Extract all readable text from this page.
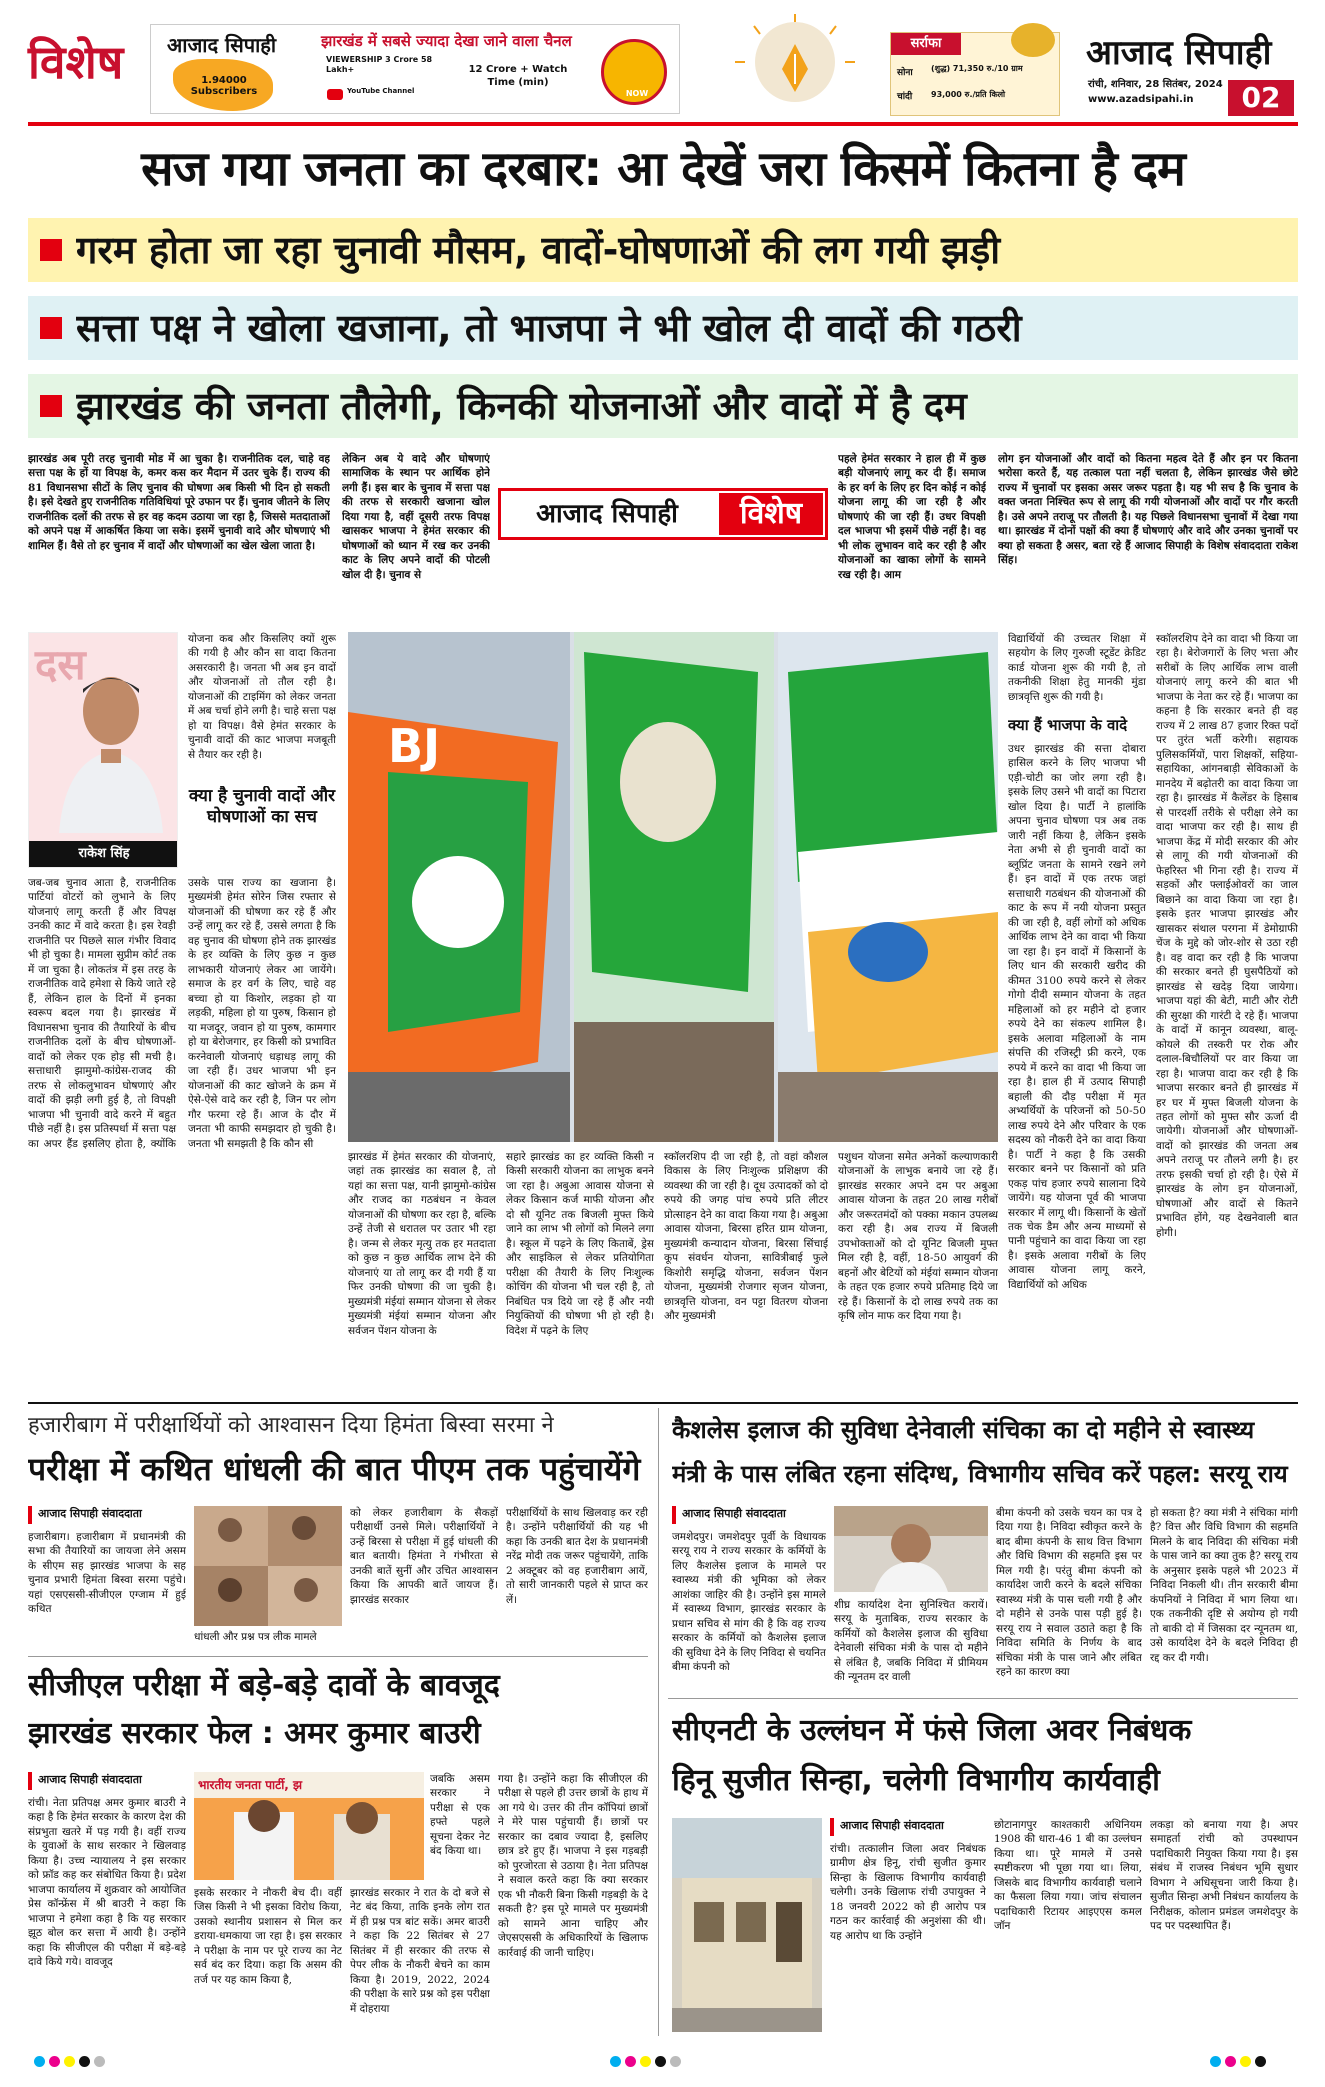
विशेष	आजाद सिपाही
1.94000 Subscribers
झारखंड में सबसे ज्यादा देखा जाने वाला चैनल
VIEWERSHIP 3 Crore 58 Lakh+	12 Crore + Watch Time (min)
YouTube Channel	NOW
सर्राफा
सोना (शुद्ध) 71,350 रु./10 ग्राम
चांदी 93,000 रु./प्रति किलो
आजाद सिपाही
रांची, शनिवार, 28 सितंबर, 2024
www.azadsipahi.in	02
सज गया जनता का दरबार: आ देखें जरा किसमें कितना है दम
गरम होता जा रहा चुनावी मौसम, वादों-घोषणाओं की लग गयी झड़ी
सत्ता पक्ष ने खोला खजाना, तो भाजपा ने भी खोल दी वादों की गठरी
झारखंड की जनता तौलेगी, किनकी योजनाओं और वादों में है दम
झारखंड अब पूरी तरह चुनावी मोड में आ चुका है। राजनीतिक दल, चाहे वह सत्ता पक्ष के हों या विपक्ष के, कमर कस कर मैदान में उतर चुके हैं। राज्य की 81 विधानसभा सीटों के लिए चुनाव की घोषणा अब किसी भी दिन हो सकती है। इसे देखते हुए राजनीतिक गतिविधियां पूरे उफान पर हैं। चुनाव जीतने के लिए राजनीतिक दलों की तरफ से हर वह कदम उठाया जा रहा है, जिससे मतदाताओं को अपने पक्ष में आकर्षित किया जा सके। इसमें चुनावी वादे और घोषणाएं भी शामिल हैं। वैसे तो हर चुनाव में वादों और घोषणाओं का खेल खेला जाता है।
लेकिन अब ये वादे और घोषणाएं सामाजिक के स्थान पर आर्थिक होने लगी हैं। इस बार के चुनाव में सत्ता पक्ष की तरफ से सरकारी खजाना खोल दिया गया है, वहीं दूसरी तरफ विपक्ष खासकर भाजपा ने हेमंत सरकार की घोषणाओं को ध्यान में रख कर उनकी काट के लिए अपने वादों की पोटली खोल दी है। चुनाव से
आजाद सिपाही	विशेष
पहले हेमंत सरकार ने हाल ही में कुछ बड़ी योजनाएं लागू कर दी हैं। समाज के हर वर्ग के लिए हर दिन कोई न कोई योजना लागू की जा रही है और घोषणाएं की जा रही हैं। उधर विपक्षी दल भाजपा भी इसमें पीछे नहीं है। वह भी लोक लुभावन वादे कर रही है और योजनाओं का खाका लोगों के सामने रख रही है। आम
लोग इन योजनाओं और वादों को कितना महत्व देते हैं और इन पर कितना भरोसा करते हैं, यह तत्काल पता नहीं चलता है, लेकिन झारखंड जैसे छोटे राज्य में चुनावों पर इसका असर जरूर पड़ता है। यह भी सच है कि चुनाव के वक्त जनता निश्चित रूप से लागू की गयी योजनाओं और वादों पर गौर करती है। उसे अपने तराजू पर तौलती है। यह पिछले विधानसभा चुनावों में देखा गया था। झारखंड में दोनों पक्षों की क्या हैं घोषणाएं और वादे और उनका चुनावों पर क्या हो सकता है असर, बता रहे हैं आजाद सिपाही के विशेष संवाददाता राकेश सिंह।
दस
राकेश सिंह
योजना कब और किसलिए क्यों शुरू की गयी है और कौन सा वादा कितना असरकारी है। जनता भी अब इन वादों और योजनाओं तो तौल रही है। योजनाओं की टाइमिंग को लेकर जनता में अब चर्चा होने लगी है। चाहे सत्ता पक्ष हो या विपक्ष। वैसे हेमंत सरकार के चुनावी वादों की काट भाजपा मजबूती से तैयार कर रही है।
क्या है चुनावी वादों और घोषणाओं का सच
जब-जब चुनाव आता है, राजनीतिक पार्टियां वोटरों को लुभाने के लिए योजनाएं लागू करती हैं और विपक्ष उनकी काट में वादे करता है। इस रेवड़ी राजनीति पर पिछले साल गंभीर विवाद भी हो चुका है। मामला सुप्रीम कोर्ट तक में जा चुका है। लोकतंत्र में इस तरह के राजनीतिक वादे हमेशा से किये जाते रहे हैं, लेकिन हाल के दिनों में इनका स्वरूप बदल गया है। झारखंड में विधानसभा चुनाव की तैयारियों के बीच राजनीतिक दलों के बीच घोषणाओं-वादों को लेकर एक होड़ सी मची है। सत्ताधारी झामुमो-कांग्रेस-राजद की तरफ से लोकलुभावन घोषणाएं और वादों की झड़ी लगी हुई है, तो विपक्षी भाजपा भी चुनावी वादे करने में बहुत पीछे नहीं है। इस प्रतिस्पर्धा में सत्ता पक्ष का अपर हैंड इसलिए होता है, क्योंकि उसके पास राज्य का खजाना है। मुख्यमंत्री हेमंत सोरेन जिस रफ्तार से योजनाओं की घोषणा कर रहे हैं और उन्हें लागू कर रहे हैं, उससे लगता है कि वह चुनाव की घोषणा होने तक झारखंड के हर व्यक्ति के लिए कुछ न कुछ लाभकारी योजनाएं लेकर आ जायेंगे। समाज के हर वर्ग के लिए, चाहे वह बच्चा हो या किशोर, लड़का हो या लड़की, महिला हो या पुरुष, किसान हो या मजदूर, जवान हो या पुरुष, कामगार हो या बेरोजगार, हर किसी को प्रभावित करनेवाली योजनाएं धड़ाधड़ लागू की जा रही हैं। उधर भाजपा भी इन योजनाओं की काट खोजने के क्रम में ऐसे-ऐसे वादे कर रही है, जिन पर लोग गौर फरमा रहे हैं। आज के दौर में जनता भी काफी समझदार हो चुकी है। जनता भी समझती है कि कौन सी
BJ
झारखंड में हेमंत सरकार की योजनाएं, जहां तक झारखंड का सवाल है, तो यहां का सत्ता पक्ष, यानी झामुमो-कांग्रेस और राजद का गठबंधन न केवल योजनाओं की घोषणा कर रहा है, बल्कि उन्हें तेजी से धरातल पर उतार भी रहा है। जन्म से लेकर मृत्यु तक हर मतदाता को कुछ न कुछ आर्थिक लाभ देने की योजनाएं या तो लागू कर दी गयी हैं या फिर उनकी घोषणा की जा चुकी है। मुख्यमंत्री मंईयां सम्मान योजना से लेकर मुख्यमंत्री मंईयां सम्मान योजना और सर्वजन पेंशन योजना के
सहारे झारखंड का हर व्यक्ति किसी न किसी सरकारी योजना का लाभुक बनने जा रहा है। अबुआ आवास योजना से लेकर किसान कर्ज माफी योजना और दो सौ यूनिट तक बिजली मुफ्त किये जाने का लाभ भी लोगों को मिलने लगा है। स्कूल में पढ़ने के लिए किताबें, ड्रेस और साइकिल से लेकर प्रतियोगिता परीक्षा की तैयारी के लिए निःशुल्क कोचिंग की योजना भी चल रही है, तो निबंधित पत्र दिये जा रहे हैं और नयी नियुक्तियों की घोषणा भी हो रही है। विदेश में पढ़ने के लिए
स्कॉलरशिप दी जा रही है, तो वहां कौशल विकास के लिए निःशुल्क प्रशिक्षण की व्यवस्था की जा रही है। दूध उत्पादकों को दो रुपये की जगह पांच रुपये प्रति लीटर प्रोत्साहन देने का वादा किया गया है। अबुआ आवास योजना, बिरसा हरित ग्राम योजना, मुख्यमंत्री कन्यादान योजना, बिरसा सिंचाई कूप संवर्धन योजना, सावित्रीबाई फुले किशोरी समृद्धि योजना, सर्वजन पेंशन योजना, मुख्यमंत्री रोजगार सृजन योजना, छात्रवृत्ति योजना, वन पट्टा वितरण योजना और मुख्यमंत्री
पशुधन योजना समेत अनेकों कल्याणकारी योजनाओं के लाभुक बनाये जा रहे हैं। झारखंड सरकार अपने दम पर अबुआ आवास योजना के तहत 20 लाख गरीबों और जरूरतमंदों को पक्का मकान उपलब्ध करा रही है। अब राज्य में बिजली उपभोक्ताओं को दो यूनिट बिजली मुफ्त मिल रही है, वहीं, 18-50 आयुवर्ग की बहनों और बेटियों को मंईयां सम्मान योजना के तहत एक हजार रुपये प्रतिमाह दिये जा रहे हैं। किसानों के दो लाख रुपये तक का कृषि लोन माफ कर दिया गया है।
विद्यार्थियों की उच्चतर शिक्षा में सहयोग के लिए गुरुजी स्टूडेंट क्रेडिट कार्ड योजना शुरू की गयी है, तो तकनीकी शिक्षा हेतु मानकी मुंडा छात्रवृत्ति शुरू की गयी है।
क्या हैं भाजपा के वादे
उधर झारखंड की सत्ता दोबारा हासिल करने के लिए भाजपा भी एड़ी-चोटी का जोर लगा रही है। इसके लिए उसने भी वादों का पिटारा खोल दिया है। पार्टी ने हालांकि अपना चुनाव घोषणा पत्र अब तक जारी नहीं किया है, लेकिन इसके नेता अभी से ही चुनावी वादों का ब्लूप्रिंट जनता के सामने रखने लगे हैं। इन वादों में एक तरफ जहां सत्ताधारी गठबंधन की योजनाओं की काट के रूप में नयी योजना प्रस्तुत की जा रही है, वहीं लोगों को अधिक आर्थिक लाभ देने का वादा भी किया जा रहा है। इन वादों में किसानों के लिए धान की सरकारी खरीद की कीमत 3100 रुपये करने से लेकर गोगो दीदी सम्मान योजना के तहत महिलाओं को हर महीने दो हजार रुपये देने का संकल्प शामिल है। इसके अलावा महिलाओं के नाम संपत्ति की रजिस्ट्री फ्री करने, एक रुपये में करने का वादा भी किया जा रहा है। हाल ही में उत्पाद सिपाही बहाली की दौड़ परीक्षा में मृत अभ्यर्थियों के परिजनों को 50-50 लाख रुपये देने और परिवार के एक सदस्य को नौकरी देने का वादा किया है। पार्टी ने कहा है कि उसकी सरकार बनने पर किसानों को प्रति एकड़ पांच हजार रुपये सालाना दिये जायेंगे। यह योजना पूर्व की भाजपा सरकार में लागू थी। किसानों के खेतों तक चेक डैम और अन्य माध्यमों से पानी पहुंचाने का वादा किया जा रहा है। इसके अलावा गरीबों के लिए आवास योजना लागू करने, विद्यार्थियों को अधिक
स्कॉलरशिप देने का वादा भी किया जा रहा है। बेरोजगारों के लिए भत्ता और सरीबों के लिए आर्थिक लाभ वाली योजनाएं लागू करने की बात भी भाजपा के नेता कर रहे हैं। भाजपा का कहना है कि सरकार बनते ही वह राज्य में 2 लाख 87 हजार रिक्त पदों पर तुरंत भर्ती करेगी। सहायक पुलिसकर्मियों, पारा शिक्षकों, सहिया-सहायिका, आंगनबाड़ी सेविकाओं के मानदेय में बढ़ोतरी का वादा किया जा रहा है। झारखंड में कैलेंडर के हिसाब से पारदर्शी तरीके से परीक्षा लेने का वादा भाजपा कर रही है। साथ ही भाजपा केंद्र में मोदी सरकार की ओर से लागू की गयी योजनाओं की फेहरिस्त भी गिना रही है। राज्य में सड़कों और फ्लाईओवरों का जाल बिछाने का वादा किया जा रहा है। इसके इतर भाजपा झारखंड और खासकर संथाल परगना में डेमोग्राफी चेंज के मुद्दे को जोर-शोर से उठा रही है। वह वादा कर रही है कि भाजपा की सरकार बनते ही घुसपैठियों को झारखंड से खदेड़ दिया जायेगा। भाजपा यहां की बेटी, माटी और रोटी की सुरक्षा की गारंटी दे रहे हैं। भाजपा के वादों में कानून व्यवस्था, बालू-कोयले की तस्करी पर रोक और दलाल-बिचौलियों पर वार किया जा रहा है। भाजपा वादा कर रही है कि भाजपा सरकार बनते ही झारखंड में हर घर में मुफ्त बिजली योजना के तहत लोगों को मुफ्त सौर ऊर्जा दी जायेगी। योजनाओं और घोषणाओं-वादों को झारखंड की जनता अब अपने तराजू पर तौलने लगी है। हर तरफ इसकी चर्चा हो रही है। ऐसे में झारखंड के लोग इन योजनाओं, घोषणाओं और वादों से कितने प्रभावित होंगे, यह देखनेवाली बात होगी।
हजारीबाग में परीक्षार्थियों को आश्वासन दिया हिमंता बिस्वा सरमा ने
परीक्षा में कथित धांधली की बात पीएम तक पहुंचायेंगे
आजाद सिपाही संवाददाता
हजारीबाग। हजारीबाग में प्रधानमंत्री की सभा की तैयारियों का जायजा लेने असम के सीएम सह झारखंड भाजपा के सह चुनाव प्रभारी हिमंता बिस्वा सरमा पहुंचे। यहां एसएससी-सीजीएल एग्जाम में हुई कथित
धांधली और प्रश्न पत्र लीक मामले
को लेकर हजारीबाग के सैकड़ों परीक्षार्थी उनसे मिले। परीक्षार्थियों ने उन्हें बिरसा से परीक्षा में हुई धांधली की बात बतायी। हिमंता ने गंभीरता से उनकी बातें सुनीं और उचित आश्वासन किया कि आपकी बातें जायज हैं। झारखंड सरकार
परीक्षार्थियों के साथ खिलवाड़ कर रही है। उन्होंने परीक्षार्थियों की यह भी कहा कि उनकी बात देश के प्रधानमंत्री नरेंद्र मोदी तक जरूर पहुंचायेंगे, ताकि 2 अक्टूबर को वह हजारीबाग आयें, तो सारी जानकारी पहले से प्राप्त कर लें।
सीजीएल परीक्षा में बड़े-बड़े दावों के बावजूद
झारखंड सरकार फेल : अमर कुमार बाउरी
आजाद सिपाही संवाददाता
रांची। नेता प्रतिपक्ष अमर कुमार बाउरी ने कहा है कि हेमंत सरकार के कारण देश की संप्रभुता खतरे में पड़ गयी है। वहीं राज्य के युवाओं के साथ सरकार ने खिलवाड़ किया है। उच्च न्यायालय ने इस सरकार को फ्रॉड कह कर संबोधित किया है। प्रदेश भाजपा कार्यालय में शुक्रवार को आयोजित प्रेस कॉन्फ्रेंस में श्री बाउरी ने कहा कि भाजपा ने हमेशा कहा है कि यह सरकार झूठ बोल कर सत्ता में आयी है। उन्होंने कहा कि सीजीएल की परीक्षा में बड़े-बड़े दावे किये गये। वावजूद
भारतीय जनता पार्टी, झ	जबकि असम सरकार ने परीक्षा से एक हफ्ते पहले सूचना देकर नेट बंद किया था।
इसके सरकार ने नौकरी बेच दी। वहीं जिस किसी ने भी इसका विरोध किया, उसको स्थानीय प्रशासन से मिल कर डराया-धमकाया जा रहा है। इस सरकार ने परीक्षा के नाम पर पूरे राज्य का नेट सर्व बंद कर दिया। कहा कि असम की तर्ज पर यह काम किया है,
झारखंड सरकार ने रात के दो बजे से नेट बंद किया, ताकि इनके लोग रात में ही प्रश्न पत्र बांट सकें। अमर बाउरी ने कहा कि 22 सितंबर से 27 सितंबर में ही सरकार की तरफ से पेपर लीक के नौकरी बेचने का काम किया है। 2019, 2022, 2024 की परीक्षा के सारे प्रश्न को इस परीक्षा में दोहराया
गया है। उन्होंने कहा कि सीजीएल की परीक्षा से पहले ही उत्तर छात्रों के हाथ में आ गये थे। उत्तर की तीन कॉपियां छात्रों ने मेरे पास पहुंचायी हैं। छात्रों पर सरकार का दबाव ज्यादा है, इसलिए छात्र डरे हुए हैं। भाजपा ने इस गड़बड़ी को पुरजोरता से उठाया है। नेता प्रतिपक्ष ने सवाल करते कहा कि क्या सरकार एक भी नौकरी बिना किसी गड़बड़ी के दे सकती है? इस पूरे मामले पर मुख्यमंत्री को सामने आना चाहिए और जेएसएससी के अधिकारियों के खिलाफ कार्रवाई की जानी चाहिए।
कैशलेस इलाज की सुविधा देनेवाली संचिका का दो महीने से स्वास्थ्य
मंत्री के पास लंबित रहना संदिग्ध, विभागीय सचिव करें पहल: सरयू राय
आजाद सिपाही संवाददाता
जमशेदपुर। जमशेदपुर पूर्वी के विधायक सरयू राय ने राज्य सरकार के कर्मियों के लिए कैशलेस इलाज के मामले पर स्वास्थ्य मंत्री की भूमिका को लेकर आशंका जाहिर की है। उन्होंने इस मामले में स्वास्थ्य विभाग, झारखंड सरकार के प्रधान सचिव से मांग की है कि वह राज्य सरकार के कर्मियों को कैशलेस इलाज की सुविधा देने के लिए निविदा से चयनित बीमा कंपनी को
शीघ्र कार्यादेश देना सुनिश्चित करायें। सरयू के मुताबिक, राज्य सरकार के कर्मियों को कैशलेस इलाज की सुविधा देनेवाली संचिका मंत्री के पास दो महीने से लंबित है, जबकि निविदा में प्रीमियम की न्यूनतम दर वाली
बीमा कंपनी को उसके चयन का पत्र दे दिया गया है। निविदा स्वीकृत करने के बाद बीमा कंपनी के साथ वित्त विभाग और विधि विभाग की सहमति इस पर मिल गयी है। परंतु बीमा कंपनी को कार्यादेश जारी करने के बदले संचिका स्वास्थ्य मंत्री के पास चली गयी है और दो महीने से उनके पास पड़ी हुई है। सरयू राय ने सवाल उठाते कहा है कि निविदा समिति के निर्णय के बाद संचिका मंत्री के पास जाने और लंबित रहने का कारण क्या
हो सकता है? क्या मंत्री ने संचिका मांगी है? वित्त और विधि विभाग की सहमति मिलने के बाद निविदा की संचिका मंत्री के पास जाने का क्या तुक है? सरयू राय के अनुसार इसके पहले भी 2023 में निविदा निकली थी। तीन सरकारी बीमा कंपनियों ने निविदा में भाग लिया था। एक तकनीकी दृष्टि से अयोग्य हो गयी तो बाकी दो में जिसका दर न्यूनतम था, उसे कार्यादेश देने के बदले निविदा ही रद्द कर दी गयी।
सीएनटी के उल्लंघन में फंसे जिला अवर निबंधक
हिनू सुजीत सिन्हा, चलेगी विभागीय कार्यवाही
आजाद सिपाही संवाददाता
रांची। तत्कालीन जिला अवर निबंधक ग्रामीण क्षेत्र हिनू, रांची सुजीत कुमार सिन्हा के खिलाफ विभागीय कार्यवाही चलेगी। उनके खिलाफ रांची उपायुक्त ने 18 जनवरी 2022 को ही आरोप पत्र गठन कर कार्रवाई की अनुशंसा की थी। यह आरोप था कि उन्होंने
छोटानागपुर काश्तकारी अधिनियम 1908 की धारा-46 1 बी का उल्लंघन किया था। पूरे मामले में उनसे स्पष्टीकरण भी पूछा गया था। लिया, जिसके बाद विभागीय कार्यवाही चलाने का फैसला लिया गया। जांच संचालन पदाधिकारी रिटायर आइएएस कमल जॉन
लकड़ा को बनाया गया है। अपर समाहर्ता रांची को उपस्थापन पदाधिकारी नियुक्त किया गया है। इस संबंध में राजस्व निबंधन भूमि सुधार विभाग ने अधिसूचना जारी किया है। सुजीत सिन्हा अभी निबंधन कार्यालय के निरीक्षक, कोलान प्रमंडल जमशेदपुर के पद पर पदस्थापित हैं।
